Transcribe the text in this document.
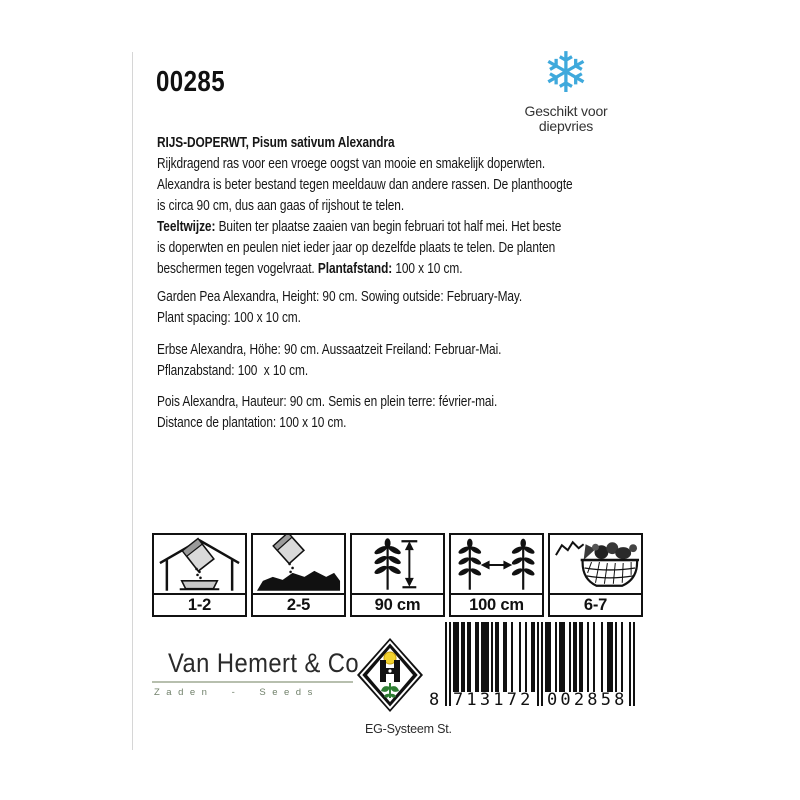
00285	❄
Geschikt voor
diepvries
RIJS-DOPERWT, Pisum sativum Alexandra
Rijkdragend ras voor een vroege oogst van mooie en smakelijk doperwten.
Alexandra is beter bestand tegen meeldauw dan andere rassen. De planthoogte
is circa 90 cm, dus aan gaas of rijshout te telen.
Teeltwijze: Buiten ter plaatse zaaien van begin februari tot half mei. Het beste
is doperwten en peulen niet ieder jaar op dezelfde plaats te telen. De planten
beschermen tegen vogelvraat. Plantafstand: 100 x 10 cm.
Garden Pea Alexandra, Height: 90 cm. Sowing outside: February-May.
Plant spacing: 100 x 10 cm.
Erbse Alexandra, Höhe: 90 cm. Aussaatzeit Freiland: Februar-Mai.
Pflanzabstand: 100  x 10 cm.
Pois Alexandra, Hauteur: 90 cm. Semis en plein terre: février-mai.
Distance de plantation: 100 x 10 cm.
1-2	2-5	90 cm	100 cm	6-7
Van Hemert & Co
Zaden - Seeds	8 713172 002858
EG-Systeem St.
